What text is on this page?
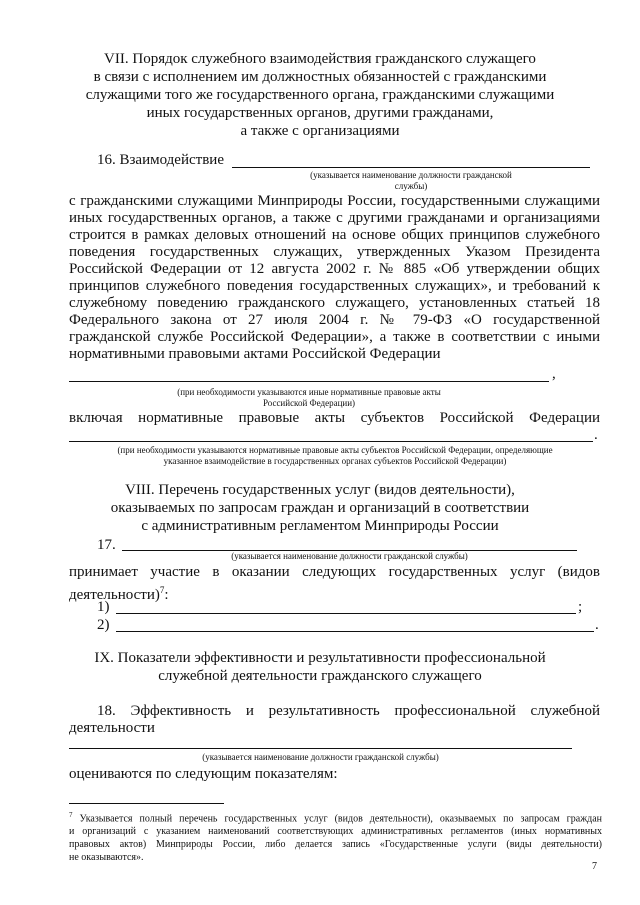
VII. Порядок служебного взаимодействия гражданского служащего
в связи с исполнением им должностных обязанностей с гражданскими
служащими того же государственного органа, гражданскими служащими
иных государственных органов, другими гражданами,
а также с организациями
16. Взаимодействие
(указывается наименование должности гражданской
службы)
с гражданскими служащими Минприроды России, государственными служащими
иных государственных органов, а также с другими гражданами и организациями
строится в рамках деловых отношений на основе общих принципов служебного
поведения государственных служащих, утвержденных Указом Президента
Российской Федерации от 12 августа 2002 г. № 885 «Об утверждении общих
принципов служебного поведения государственных служащих», и требований к
служебному поведению гражданского служащего, установленных статьей 18
Федерального закона от 27 июля 2004 г. № 79-ФЗ «О государственной
гражданской службе Российской Федерации», а также в соответствии с иными
нормативными правовыми актами Российской Федерации
,
(при необходимости указываются иные нормативные правовые акты
Российской Федерации)
включая нормативные правовые акты субъектов Российской Федерации
.
(при необходимости указываются нормативные правовые акты субъектов Российской Федерации, определяющие
указанное взаимодействие в государственных органах субъектов Российской Федерации)
VIII. Перечень государственных услуг (видов деятельности),
оказываемых по запросам граждан и организаций в соответствии
с административным регламентом Минприроды России
17.
(указывается наименование должности гражданской службы)
принимает участие в оказании следующих государственных услуг (видов
деятельности)$^7$:
1)	;
2)	.
IX. Показатели эффективности и результативности профессиональной
служебной деятельности гражданского служащего
18. Эффективность и результативность профессиональной служебной
деятельности
(указывается наименование должности гражданской службы)
оцениваются по следующим показателям:
$^7$ Указывается полный перечень государственных услуг (видов деятельности), оказываемых по запросам граждан
и организаций с указанием наименований соответствующих административных регламентов (иных нормативных
правовых актов) Минприроды России, либо делается запись «Государственные услуги (виды деятельности)
не оказываются».
7
